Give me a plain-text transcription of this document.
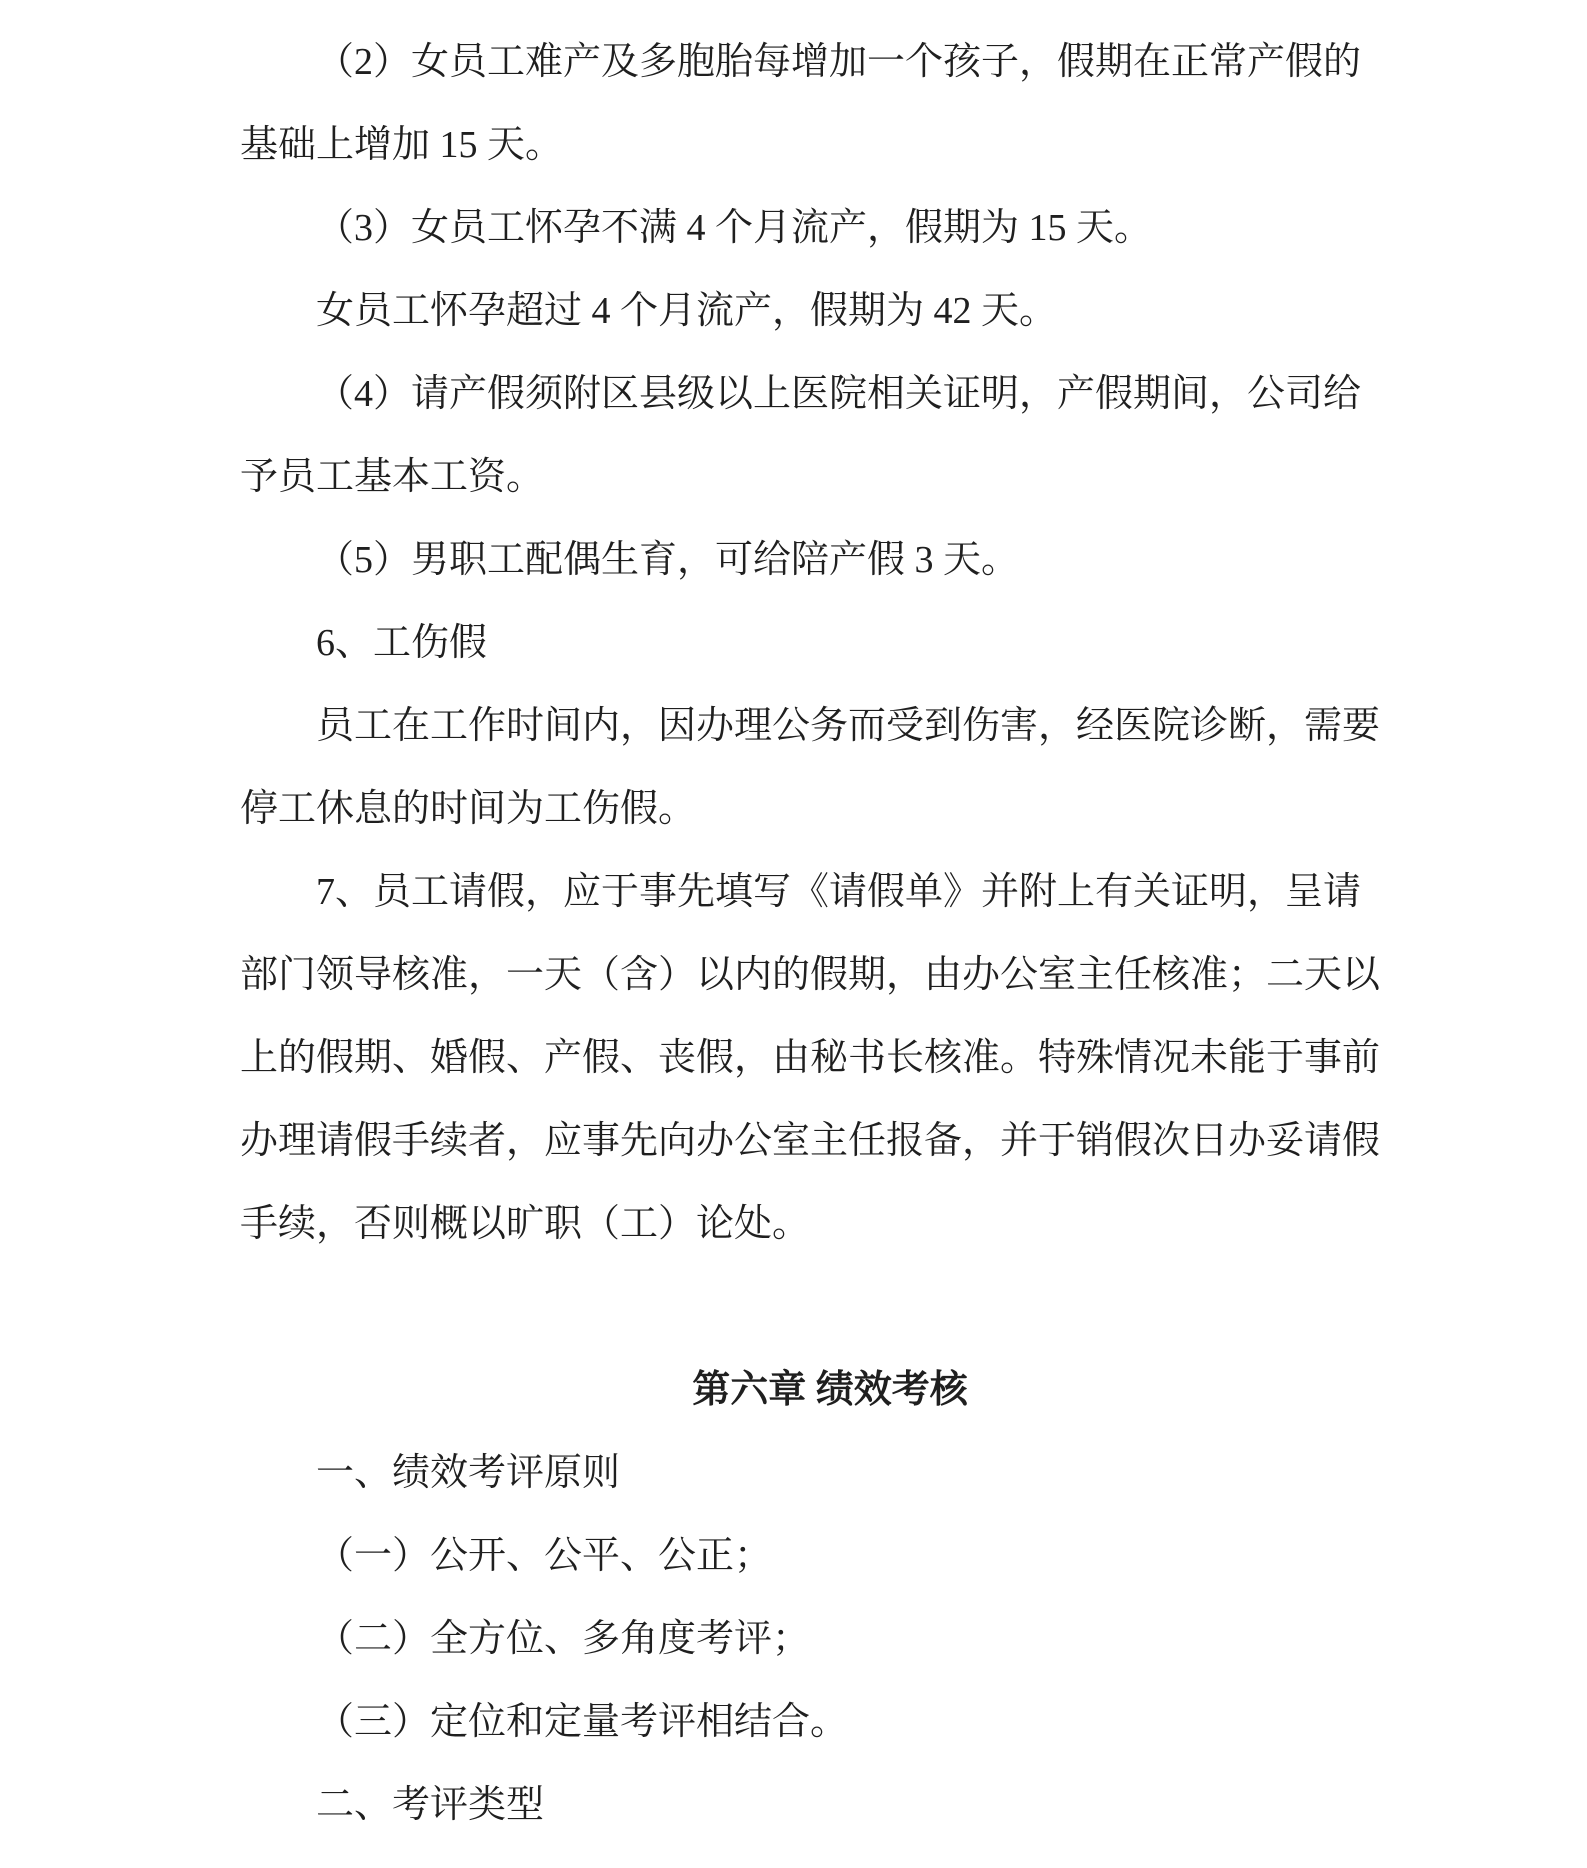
（2）女员工难产及多胞胎每增加一个孩子，假期在正常产假的
基础上增加 15 天。
（3）女员工怀孕不满 4 个月流产，假期为 15 天。
女员工怀孕超过 4 个月流产，假期为 42 天。
（4）请产假须附区县级以上医院相关证明，产假期间，公司给
予员工基本工资。
（5）男职工配偶生育，可给陪产假 3 天。
6、工伤假
员工在工作时间内，因办理公务而受到伤害，经医院诊断，需要
停工休息的时间为工伤假。
7、员工请假，应于事先填写《请假单》并附上有关证明，呈请
部门领导核准，一天（含）以内的假期，由办公室主任核准；二天以
上的假期、婚假、产假、丧假，由秘书长核准。特殊情况未能于事前
办理请假手续者，应事先向办公室主任报备，并于销假次日办妥请假
手续，否则概以旷职（工）论处。
第六章 绩效考核
一、绩效考评原则
（一）公开、公平、公正；
（二）全方位、多角度考评；
（三）定位和定量考评相结合。
二、考评类型
